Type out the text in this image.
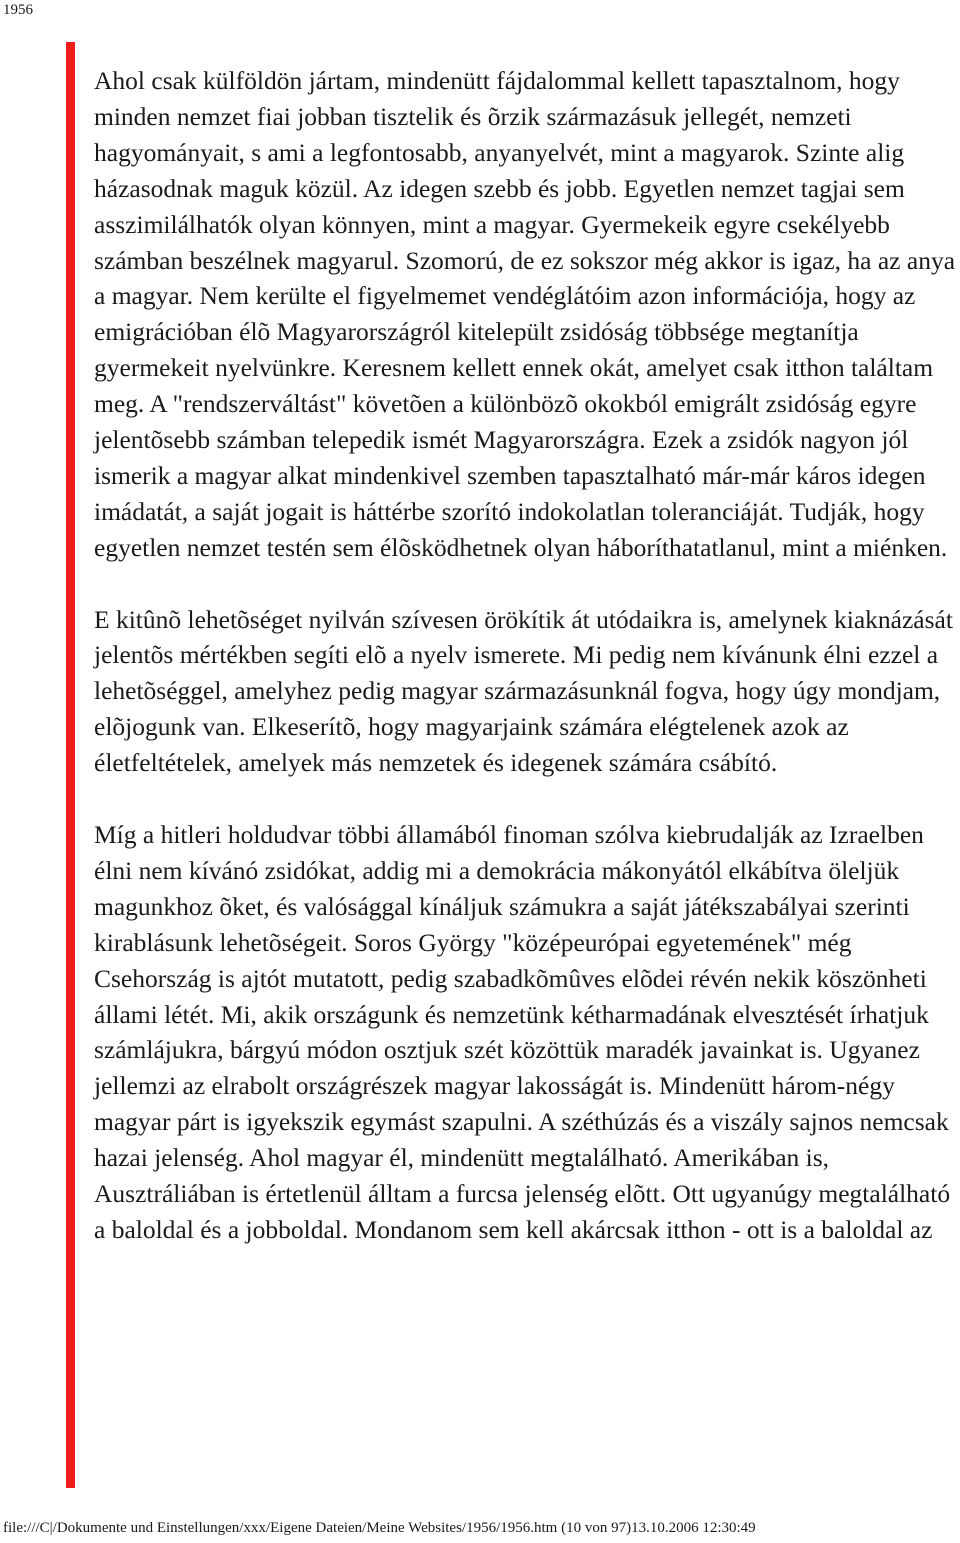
1956

Ahol csak külföldön jártam, mindenütt fájdalommal kellett tapasztalnom, hogy minden nemzet fiai jobban tisztelik és õrzik származásuk jellegét, nemzeti hagyományait, s ami a legfontosabb, anyanyelvét, mint a magyarok. Szinte alig házasodnak maguk közül. Az idegen szebb és jobb. Egyetlen nemzet tagjai sem asszimilálhatók olyan könnyen, mint a magyar. Gyermekeik egyre csekélyebb számban beszélnek magyarul. Szomorú, de ez sokszor még akkor is igaz, ha az anya a magyar. Nem kerülte el figyelmemet vendéglátóim azon információja, hogy az emigrációban élõ Magyarországról kitelepült zsidóság többsége megtanítja gyermekeit nyelvünkre. Keresnem kellett ennek okát, amelyet csak itthon találtam meg. A "rendszerváltást" követõen a különbözõ okokból emigrált zsidóság egyre jelentõsebb számban telepedik ismét Magyarországra. Ezek a zsidók nagyon jól ismerik a magyar alkat mindenkivel szemben tapasztalható már-már káros idegen imádatát, a saját jogait is háttérbe szorító indokolatlan toleranciáját. Tudják, hogy egyetlen nemzet testén sem élõsködhetnek olyan háboríthatatlanul, mint a miénken.

E kitûnõ lehetõséget nyilván szívesen örökítik át utódaikra is, amelynek kiaknázását jelentõs mértékben segíti elõ a nyelv ismerete. Mi pedig nem kívánunk élni ezzel a lehetõséggel, amelyhez pedig magyar származásunknál fogva, hogy úgy mondjam, elõjogunk van. Elkeserítõ, hogy magyarjaink számára elégtelenek azok az életfeltételek, amelyek más nemzetek és idegenek számára csábító.

Míg a hitleri holdudvar többi államából finoman szólva kiebrudalják az Izraelben élni nem kívánó zsidókat, addig mi a demokrácia mákonyától elkábítva öleljük magunkhoz õket, és valósággal kínáljuk számukra a saját játékszabályai szerinti kirablásunk lehetõségeit. Soros György "középeurópai egyetemének" még Csehország is ajtót mutatott, pedig szabadkõmûves elõdei révén nekik köszönheti állami létét. Mi, akik országunk és nemzetünk kétharmadának elvesztését írhatjuk számlájukra, bárgyú módon osztjuk szét közöttük maradék javainkat is. Ugyanez jellemzi az elrabolt országrészek magyar lakosságát is. Mindenütt három-négy magyar párt is igyekszik egymást szapulni. A széthúzás és a viszály sajnos nemcsak hazai jelenség. Ahol magyar él, mindenütt megtalálható. Amerikában is, Ausztráliában is értetlenül álltam a furcsa jelenség elõtt. Ott ugyanúgy megtalálható a baloldal és a jobboldal. Mondanom sem kell akárcsak itthon - ott is a baloldal az

file:///C|/Dokumente und Einstellungen/xxx/Eigene Dateien/Meine Websites/1956/1956.htm (10 von 97)13.10.2006 12:30:49
